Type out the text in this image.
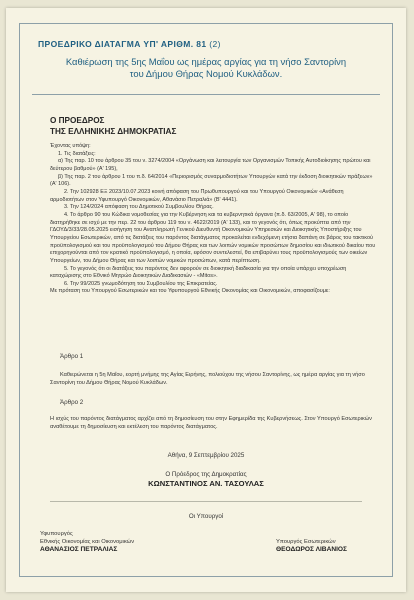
ΠΡΟΕΔΡΙΚΟ ΔΙΑΤΑΓΜΑ ΥΠ' ΑΡΙΘΜ. 81 (2)
Καθιέρωση της 5ης Μαΐου ως ημέρας αργίας για τη νήσο Σαντορίνη
του Δήμου Θήρας Νομού Κυκλάδων.
Ο ΠΡΟΕΔΡΟΣ
ΤΗΣ ΕΛΛΗΝΙΚΗΣ ΔΗΜΟΚΡΑΤΙΑΣ

Έχοντας υπόψη:

1. Τις διατάξεις:

α) Της παρ. 10 του άρθρου 35 του ν. 3274/2004 «Οργάνωση και λειτουργία των Οργανισμών Τοπικής Αυτοδιοίκησης πρώτου και δεύτερου βαθμού» (Α' 195),

β) Της παρ. 2 του άρθρου 1 του π.δ. 64/2014 «Περιορισμός συναρμοδιοτήτων Υπουργών κατά την έκδοση διοικητικών πράξεων» (Α' 106).

2. Την 102928 ΕΞ 2023/10.07.2023 κοινή απόφαση του Πρωθυπουργού και του Υπουργού Οικονομικών «Ανάθεση αρμοδιοτήτων στον Υφυπουργό Οικονομικών, Αθανάσιο Πετραλιά» (Β' 4441).

3. Την 124/2024 απόφαση του Δημοτικού Συμβουλίου Θήρας.

4. Το άρθρο 90 του Κώδικα νομοθεσίας για την Κυβέρνηση και τα κυβερνητικά όργανα (π.δ. 63/2005, Α' 98), το οποίο διατηρήθηκε σε ισχύ με την περ. 22 του άρθρου 119 του ν. 4622/2019 (Α' 133), και το γεγονός ότι, όπως προκύπτει από την ΓΔΟΥΔ/3/33/28.05.2025 εισήγηση του Αναπληρωτή Γενικού Διευθυντή Οικονομικών Υπηρεσιών και Διοικητικής Υποστήριξης του Υπουργείου Εσωτερικών, από τις διατάξεις του παρόντος διατάγματος προκαλείται ενδεχόμενη ετήσια δαπάνη σε βάρος του τακτικού προϋπολογισμού και του προϋπολογισμού του Δήμου Θήρας και των λοιπών νομικών προσώπων δημοσίου και ιδιωτικού δικαίου που επιχορηγούνται από τον κρατικό προϋπολογισμό, η οποία, εφόσον συντελεστεί, θα επιβαρύνει τους προϋπολογισμούς των οικείων Υπουργείων, του Δήμου Θήρας και των λοιπών νομικών προσώπων, κατά περίπτωση.

5. Το γεγονός ότι οι διατάξεις του παρόντος δεν αφορούν σε διοικητική διαδικασία για την οποία υπάρχει υποχρέωση καταχώρισης στο Εθνικό Μητρώο Διοικητικών Διαδικασιών - «Mitos».

6. Την 99/2025 γνωμοδότηση του Συμβουλίου της Επικρατείας.

Με πρόταση του Υπουργού Εσωτερικών και του Υφυπουργού Εθνικής Οικονομίας και Οικονομικών, αποφασίζουμε:

Άρθρο 1
Καθιερώνεται η 5η Μαΐου, εορτή μνήμης της Αγίας Ειρήνης, πολιούχου της νήσου Σαντορίνης, ως ημέρα αργίας για τη νήσο Σαντορίνη του Δήμου Θήρας Νομού Κυκλάδων.
Άρθρο 2
Η ισχύς του παρόντος διατάγματος αρχίζει από τη δημοσίευση του στην Εφημερίδα της Κυβερνήσεως. Στον Υπουργό Εσωτερικών αναθέτουμε τη δημοσίευση και εκτέλεση του παρόντος διατάγματος.
Αθήνα, 9 Σεπτεμβρίου 2025
Ο Πρόεδρος της Δημοκρατίας
ΚΩΝΣΤΑΝΤΙΝΟΣ ΑΝ. ΤΑΣΟΥΛΑΣ
Οι Υπουργοί
Υφυπουργός
Εθνικής Οικονομίας και Οικονομικών
ΑΘΑΝΑΣΙΟΣ ΠΕΤΡΑΛΙΑΣ
Υπουργός Εσωτερικών
ΘΕΟΔΩΡΟΣ ΛΙΒΑΝΙΟΣ
